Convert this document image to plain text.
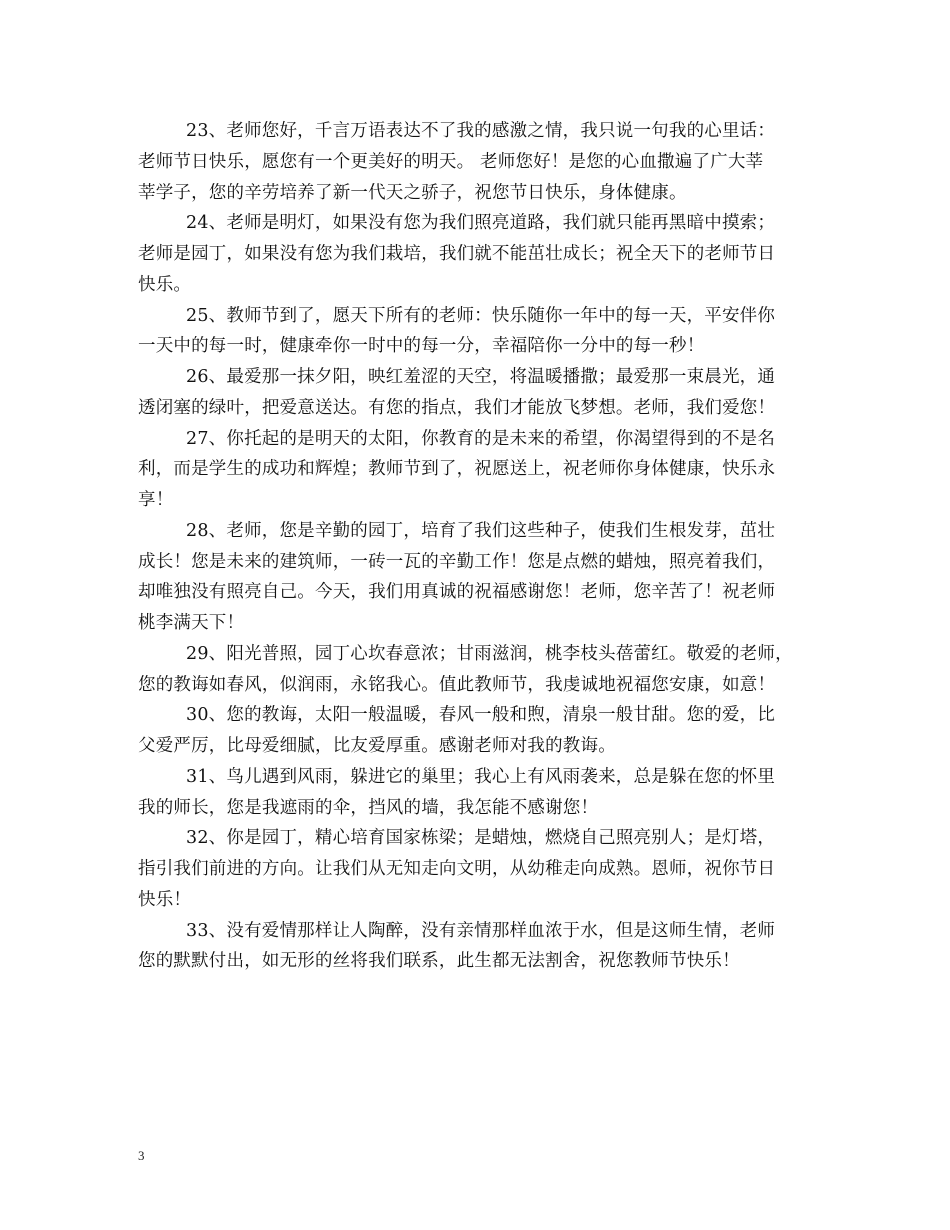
23、老师您好，千言万语表达不了我的感激之情，我只说一句我的心里话：
老师节日快乐，愿您有一个更美好的明天。 老师您好！是您的心血撒遍了广大莘
莘学子，您的辛劳培养了新一代天之骄子，祝您节日快乐，身体健康。
24、老师是明灯，如果没有您为我们照亮道路，我们就只能再黑暗中摸索；
老师是园丁，如果没有您为我们栽培，我们就不能茁壮成长；祝全天下的老师节日
快乐。
25、教师节到了，愿天下所有的老师：快乐随你一年中的每一天，平安伴你
一天中的每一时，健康牵你一时中的每一分，幸福陪你一分中的每一秒！
26、最爱那一抹夕阳，映红羞涩的天空，将温暖播撒；最爱那一束晨光，通
透闭塞的绿叶，把爱意送达。有您的指点，我们才能放飞梦想。老师，我们爱您！
27、你托起的是明天的太阳，你教育的是未来的希望，你渴望得到的不是名
利，而是学生的成功和辉煌；教师节到了，祝愿送上，祝老师你身体健康，快乐永
享！
28、老师，您是辛勤的园丁，培育了我们这些种子，使我们生根发芽，茁壮
成长！您是未来的建筑师，一砖一瓦的辛勤工作！您是点燃的蜡烛，照亮着我们，
却唯独没有照亮自己。今天，我们用真诚的祝福感谢您！老师，您辛苦了！祝老师
桃李满天下！
29、阳光普照，园丁心坎春意浓；甘雨滋润，桃李枝头蓓蕾红。敬爱的老师，
您的教诲如春风，似润雨，永铭我心。值此教师节，我虔诚地祝福您安康，如意！
30、您的教诲，太阳一般温暖，春风一般和煦，清泉一般甘甜。您的爱，比
父爱严厉，比母爱细腻，比友爱厚重。感谢老师对我的教诲。
31、鸟儿遇到风雨，躲进它的巢里；我心上有风雨袭来，总是躲在您的怀里
我的师长，您是我遮雨的伞，挡风的墙，我怎能不感谢您！
32、你是园丁，精心培育国家栋梁；是蜡烛，燃烧自己照亮别人；是灯塔，
指引我们前进的方向。让我们从无知走向文明，从幼稚走向成熟。恩师，祝你节日
快乐！
33、没有爱情那样让人陶醉，没有亲情那样血浓于水，但是这师生情，老师
您的默默付出，如无形的丝将我们联系，此生都无法割舍，祝您教师节快乐！
3
